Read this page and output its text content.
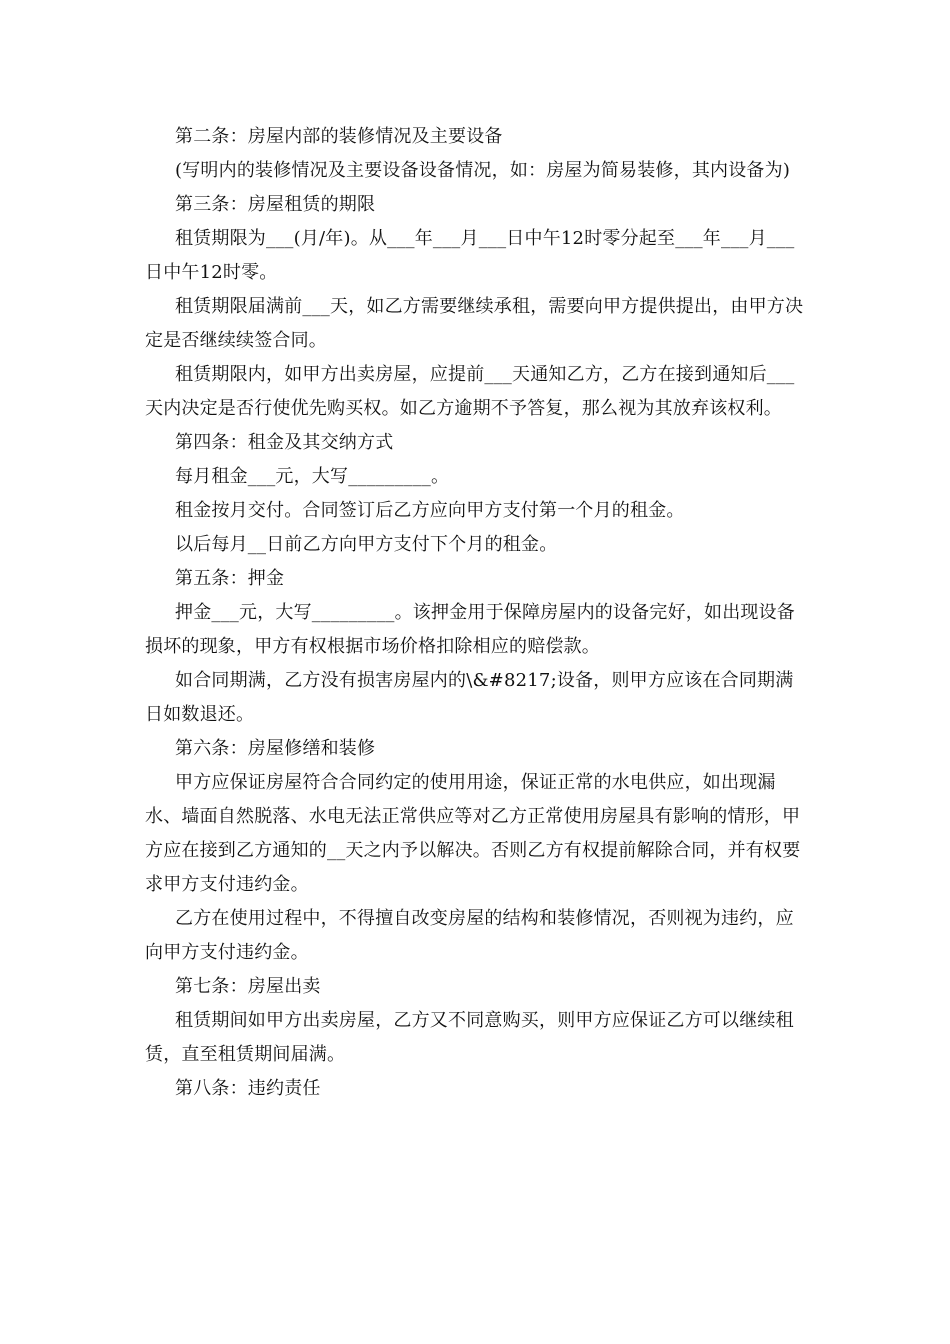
第二条：房屋内部的装修情况及主要设备

(写明内的装修情况及主要设备设备情况，如：房屋为简易装修，其内设备为)

第三条：房屋租赁的期限

租赁期限为___(月/年)。从___年___月___日中午12时零分起至___年___月___日中午12时零。

租赁期限届满前___天，如乙方需要继续承租，需要向甲方提供提出，由甲方决定是否继续续签合同。

租赁期限内，如甲方出卖房屋，应提前___天通知乙方，乙方在接到通知后___天内决定是否行使优先购买权。如乙方逾期不予答复，那么视为其放弃该权利。

第四条：租金及其交纳方式

每月租金___元，大写_________。

租金按月交付。合同签订后乙方应向甲方支付第一个月的租金。

以后每月__日前乙方向甲方支付下个月的租金。

第五条：押金

押金___元，大写_________。该押金用于保障房屋内的设备完好，如出现设备损坏的现象，甲方有权根据市场价格扣除相应的赔偿款。

如合同期满，乙方没有损害房屋内的\&#8217;设备，则甲方应该在合同期满日如数退还。

第六条：房屋修缮和装修

甲方应保证房屋符合合同约定的使用用途，保证正常的水电供应，如出现漏水、墙面自然脱落、水电无法正常供应等对乙方正常使用房屋具有影响的情形，甲方应在接到乙方通知的__天之内予以解决。否则乙方有权提前解除合同，并有权要求甲方支付违约金。

乙方在使用过程中，不得擅自改变房屋的结构和装修情况，否则视为违约，应向甲方支付违约金。

第七条：房屋出卖

租赁期间如甲方出卖房屋，乙方又不同意购买，则甲方应保证乙方可以继续租赁，直至租赁期间届满。

第八条：违约责任
